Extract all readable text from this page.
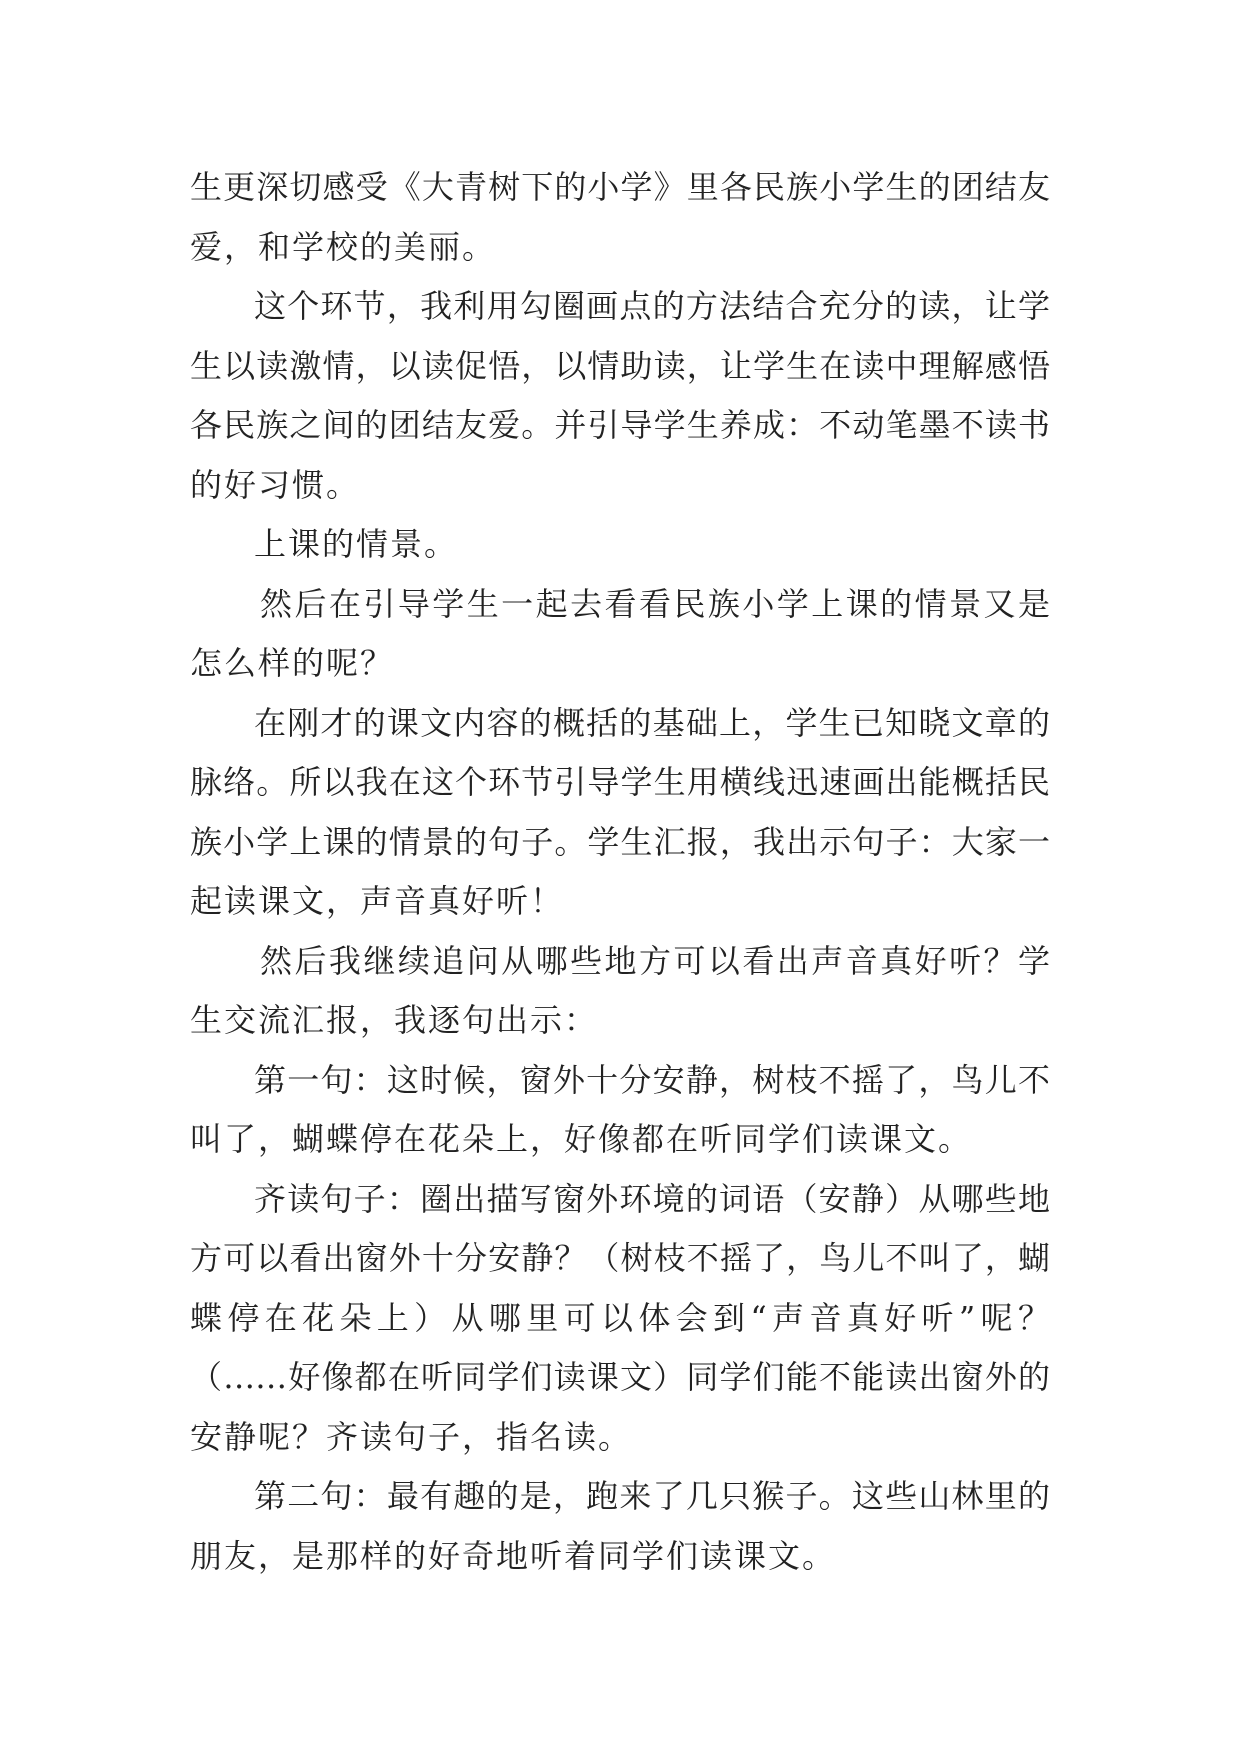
生更深切感受《大青树下的小学》里各民族小学生的团结友
爱，和学校的美丽。
这个环节，我利用勾圈画点的方法结合充分的读，让学
生以读激情，以读促悟，以情助读，让学生在读中理解感悟
各民族之间的团结友爱。并引导学生养成：不动笔墨不读书
的好习惯。
上课的情景。
然后在引导学生一起去看看民族小学上课的情景又是
怎么样的呢？
在刚才的课文内容的概括的基础上，学生已知晓文章的
脉络。所以我在这个环节引导学生用横线迅速画出能概括民
族小学上课的情景的句子。学生汇报，我出示句子：大家一
起读课文，声音真好听！
然后我继续追问从哪些地方可以看出声音真好听？学
生交流汇报，我逐句出示：
第一句：这时候，窗外十分安静，树枝不摇了，鸟儿不
叫了，蝴蝶停在花朵上，好像都在听同学们读课文。
齐读句子：圈出描写窗外环境的词语（安静）从哪些地
方可以看出窗外十分安静？（树枝不摇了，鸟儿不叫了，蝴
蝶停在花朵上）从哪里可以体会到“声音真好听”呢？
（……好像都在听同学们读课文）同学们能不能读出窗外的
安静呢？齐读句子，指名读。
第二句：最有趣的是，跑来了几只猴子。这些山林里的
朋友，是那样的好奇地听着同学们读课文。
